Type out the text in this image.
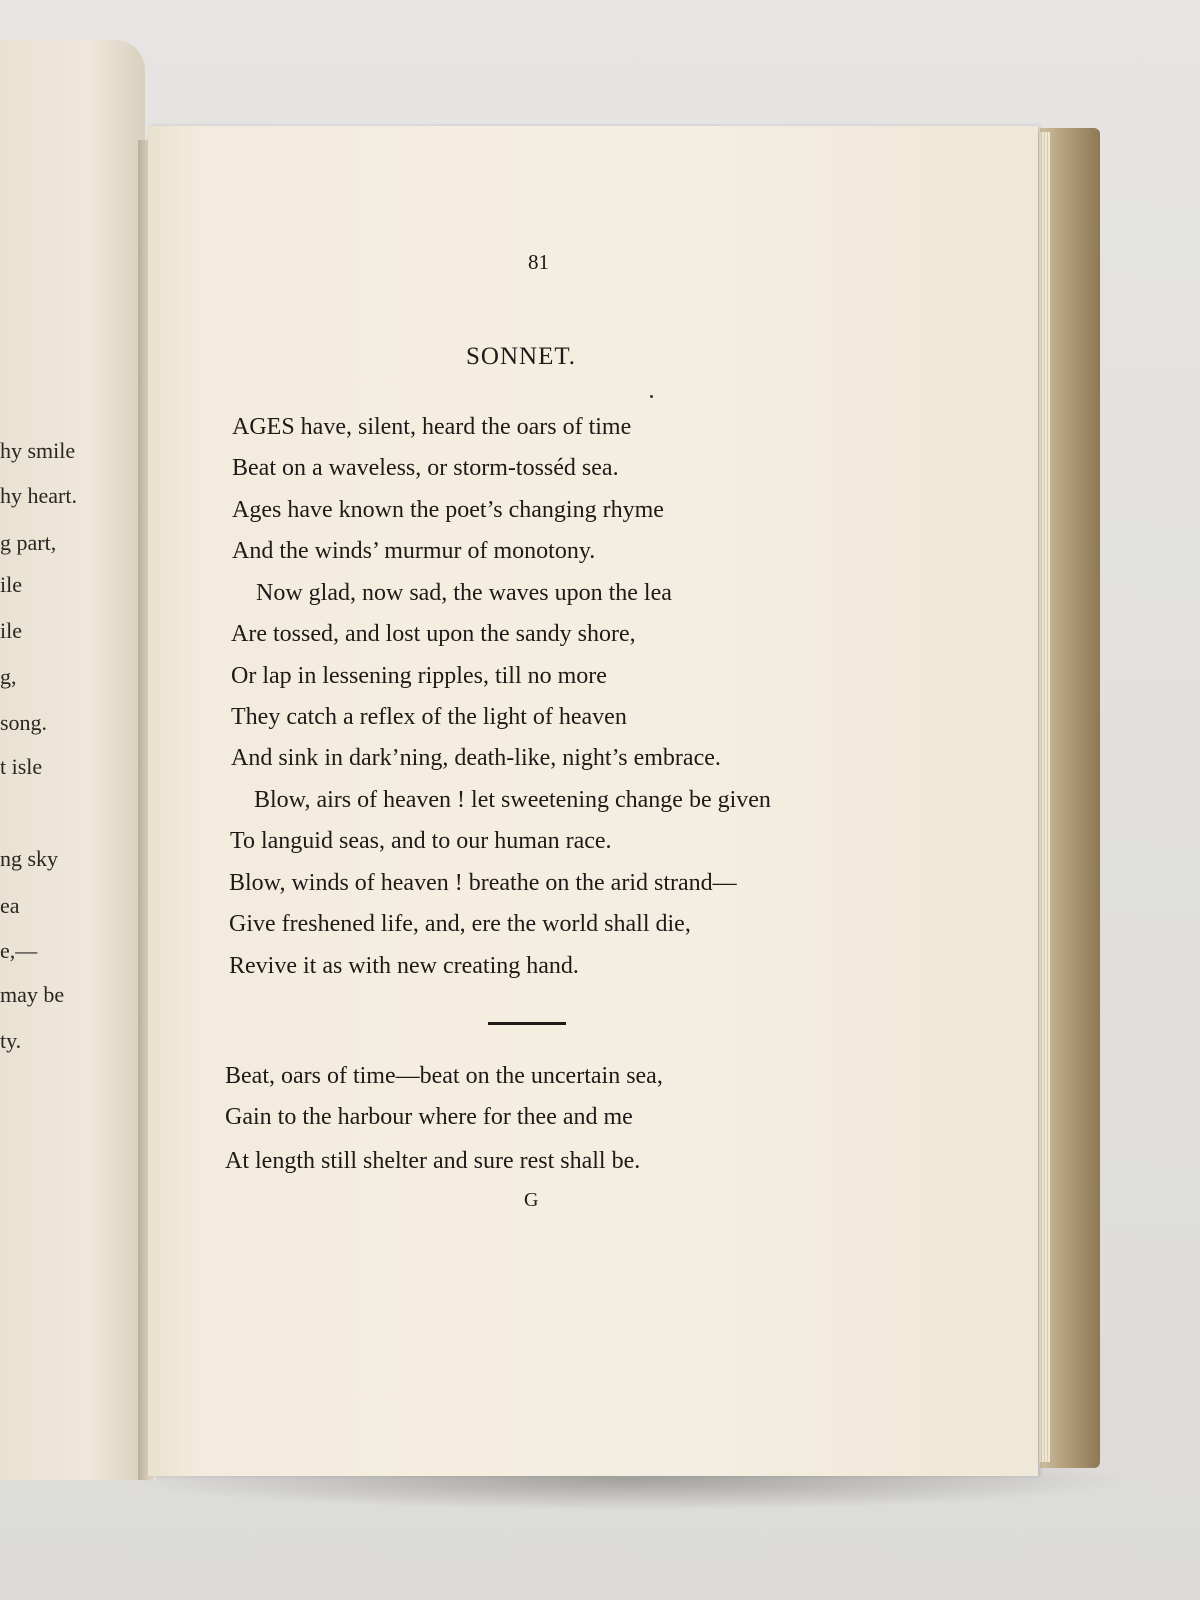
hy smile
hy heart.
g part,
ile
ile
g,
song.
t isle
ng sky
ea
e,—
may be
ty.
81
SONNET.
AGES have, silent, heard the oars of time
Beat on a waveless, or storm-tosséd sea.
Ages have known the poet’s changing rhyme
And the winds’ murmur of monotony.
Now glad, now sad, the waves upon the lea
Are tossed, and lost upon the sandy shore,
Or lap in lessening ripples, till no more
They catch a reflex of the light of heaven
And sink in dark’ning, death-like, night’s embrace.
Blow, airs of heaven ! let sweetening change be given
To languid seas, and to our human race.
Blow, winds of heaven ! breathe on the arid strand—
Give freshened life, and, ere the world shall die,
Revive it as with new creating hand.
Beat, oars of time—beat on the uncertain sea,
Gain to the harbour where for thee and me
At length still shelter and sure rest shall be.
G
